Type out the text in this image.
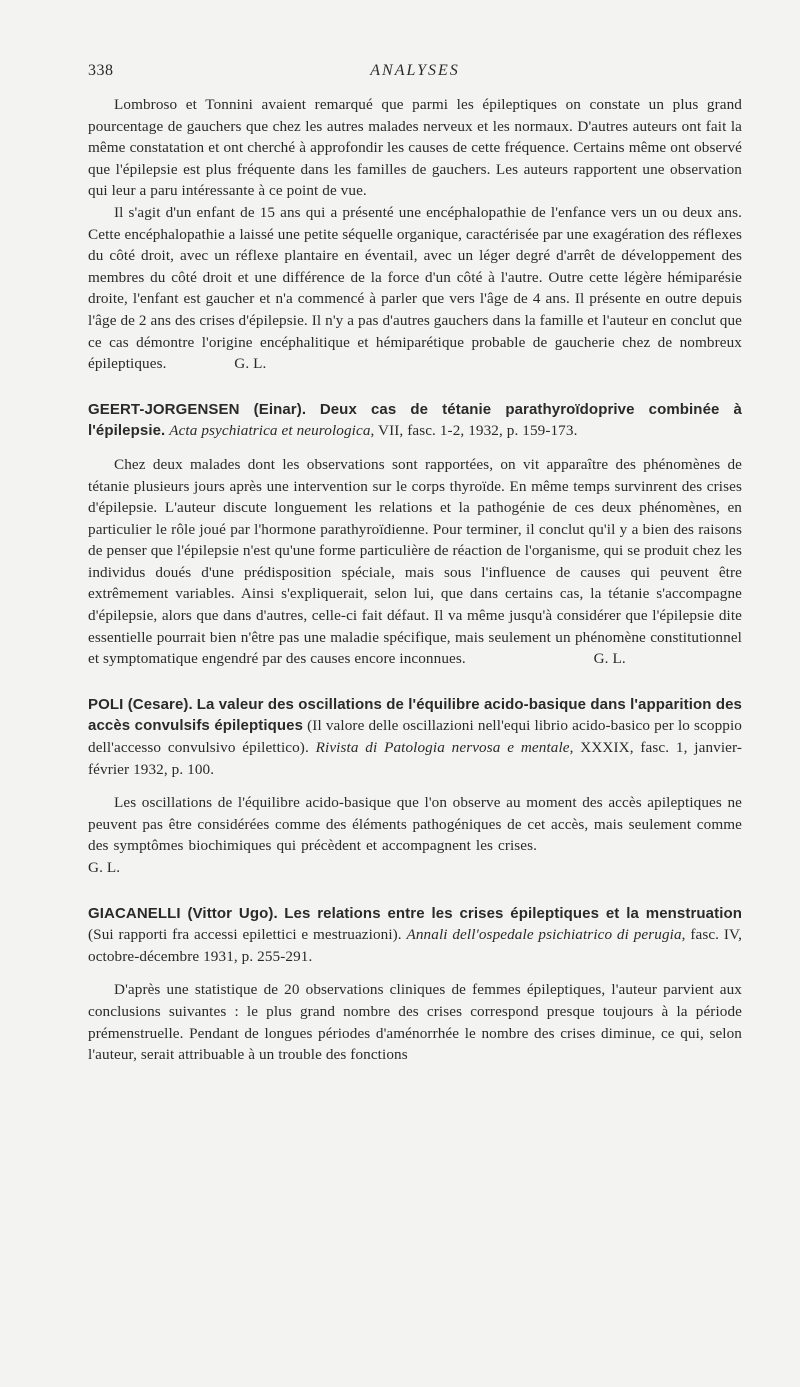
338	ANALYSES

Lombroso et Tonnini avaient remarqué que parmi les épileptiques on constate un plus grand pourcentage de gauchers que chez les autres malades nerveux et les normaux. D'autres auteurs ont fait la même constatation et ont cherché à approfondir les causes de cette fréquence. Certains même ont observé que l'épilepsie est plus fréquente dans les familles de gauchers. Les auteurs rapportent une observation qui leur a paru intéressante à ce point de vue.

Il s'agit d'un enfant de 15 ans qui a présenté une encéphalopathie de l'enfance vers un ou deux ans. Cette encéphalopathie a laissé une petite séquelle organique, caractérisée par une exagération des réflexes du côté droit, avec un réflexe plantaire en éventail, avec un léger degré d'arrêt de développement des membres du côté droit et une différence de la force d'un côté à l'autre. Outre cette légère hémiparésie droite, l'enfant est gaucher et n'a commencé à parler que vers l'âge de 4 ans. Il présente en outre depuis l'âge de 2 ans des crises d'épilepsie. Il n'y a pas d'autres gauchers dans la famille et l'auteur en conclut que ce cas démontre l'origine encéphalitique et hémiparétique probable de gaucherie chez de nombreux épileptiques.	G. L.

GEERT-JORGENSEN (Einar). Deux cas de tétanie parathyroïdoprive combinée à l'épilepsie. Acta psychiatrica et neurologica, VII, fasc. 1-2, 1932, p. 159-173.

Chez deux malades dont les observations sont rapportées, on vit apparaître des phénomènes de tétanie plusieurs jours après une intervention sur le corps thyroïde. En même temps survinrent des crises d'épilepsie. L'auteur discute longuement les relations et la pathogénie de ces deux phénomènes, en particulier le rôle joué par l'hormone parathyroïdienne. Pour terminer, il conclut qu'il y a bien des raisons de penser que l'épilepsie n'est qu'une forme particulière de réaction de l'organisme, qui se produit chez les individus doués d'une prédisposition spéciale, mais sous l'influence de causes qui peuvent être extrêmement variables. Ainsi s'expliquerait, selon lui, que dans certains cas, la tétanie s'accompagne d'épilepsie, alors que dans d'autres, celle-ci fait défaut. Il va même jusqu'à considérer que l'épilepsie dite essentielle pourrait bien n'être pas une maladie spécifique, mais seulement un phénomène constitutionnel et symptomatique engendré par des causes encore inconnues.	G. L.

POLI (Cesare). La valeur des oscillations de l'équilibre acido-basique dans l'apparition des accès convulsifs épileptiques (Il valore delle oscillazioni nell'equi librio acido-basico per lo scoppio dell'accesso convulsivo épilettico). Rivista di Patologia nervosa e mentale, XXXIX, fasc. 1, janvier-février 1932, p. 100.

Les oscillations de l'équilibre acido-basique que l'on observe au moment des accès apileptiques ne peuvent pas être considérées comme des éléments pathogéniques de cet accès, mais seulement comme des symptômes biochimiques qui précèdent et accompagnent les crises.  G. L.

GIACANELLI (Vittor Ugo). Les relations entre les crises épileptiques et la menstruation (Sui rapporti fra accessi epilettici e mestruazioni). Annali dell'ospedale psichiatrico di perugia, fasc. IV, octobre-décembre 1931, p. 255-291.

D'après une statistique de 20 observations cliniques de femmes épileptiques, l'auteur parvient aux conclusions suivantes : le plus grand nombre des crises correspond presque toujours à la période prémenstruelle. Pendant de longues périodes d'aménorrhée le nombre des crises diminue, ce qui, selon l'auteur, serait attribuable à un trouble des fonctions
